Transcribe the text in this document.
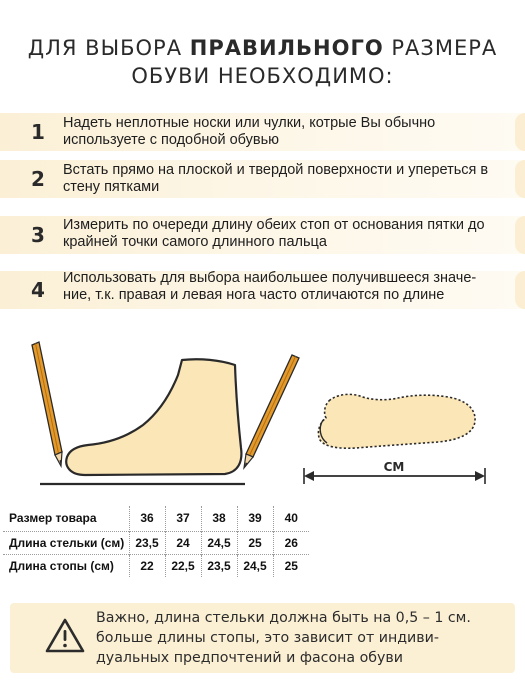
ДЛЯ ВЫБОРА ПРАВИЛЬНОГО РАЗМЕРА
ОБУВИ НЕОБХОДИМО:
1 Надеть неплотные носки или чулки, котрые Вы обычно используете с подобной обувью
2 Встать прямо на плоской и твердой поверхности и упереться в стену пятками
3 Измерить по очереди длину обеих стоп от основания пятки до крайней точки самого длинного пальца
4 Использовать для выбора наибольшее получившееся значе-ние, т.к. правая и левая нога часто отличаются по длине
СМ
Размер товара	36	37	38	39	40
Длина стельки (см)	23,5	24	24,5	25	26
Длина стопы (см)	22	22,5	23,5	24,5	25
Важно, длина стельки должна быть на 0,5 – 1 см.
больше длины стопы, это зависит от индиви-
дуальных предпочтений и фасона обуви
